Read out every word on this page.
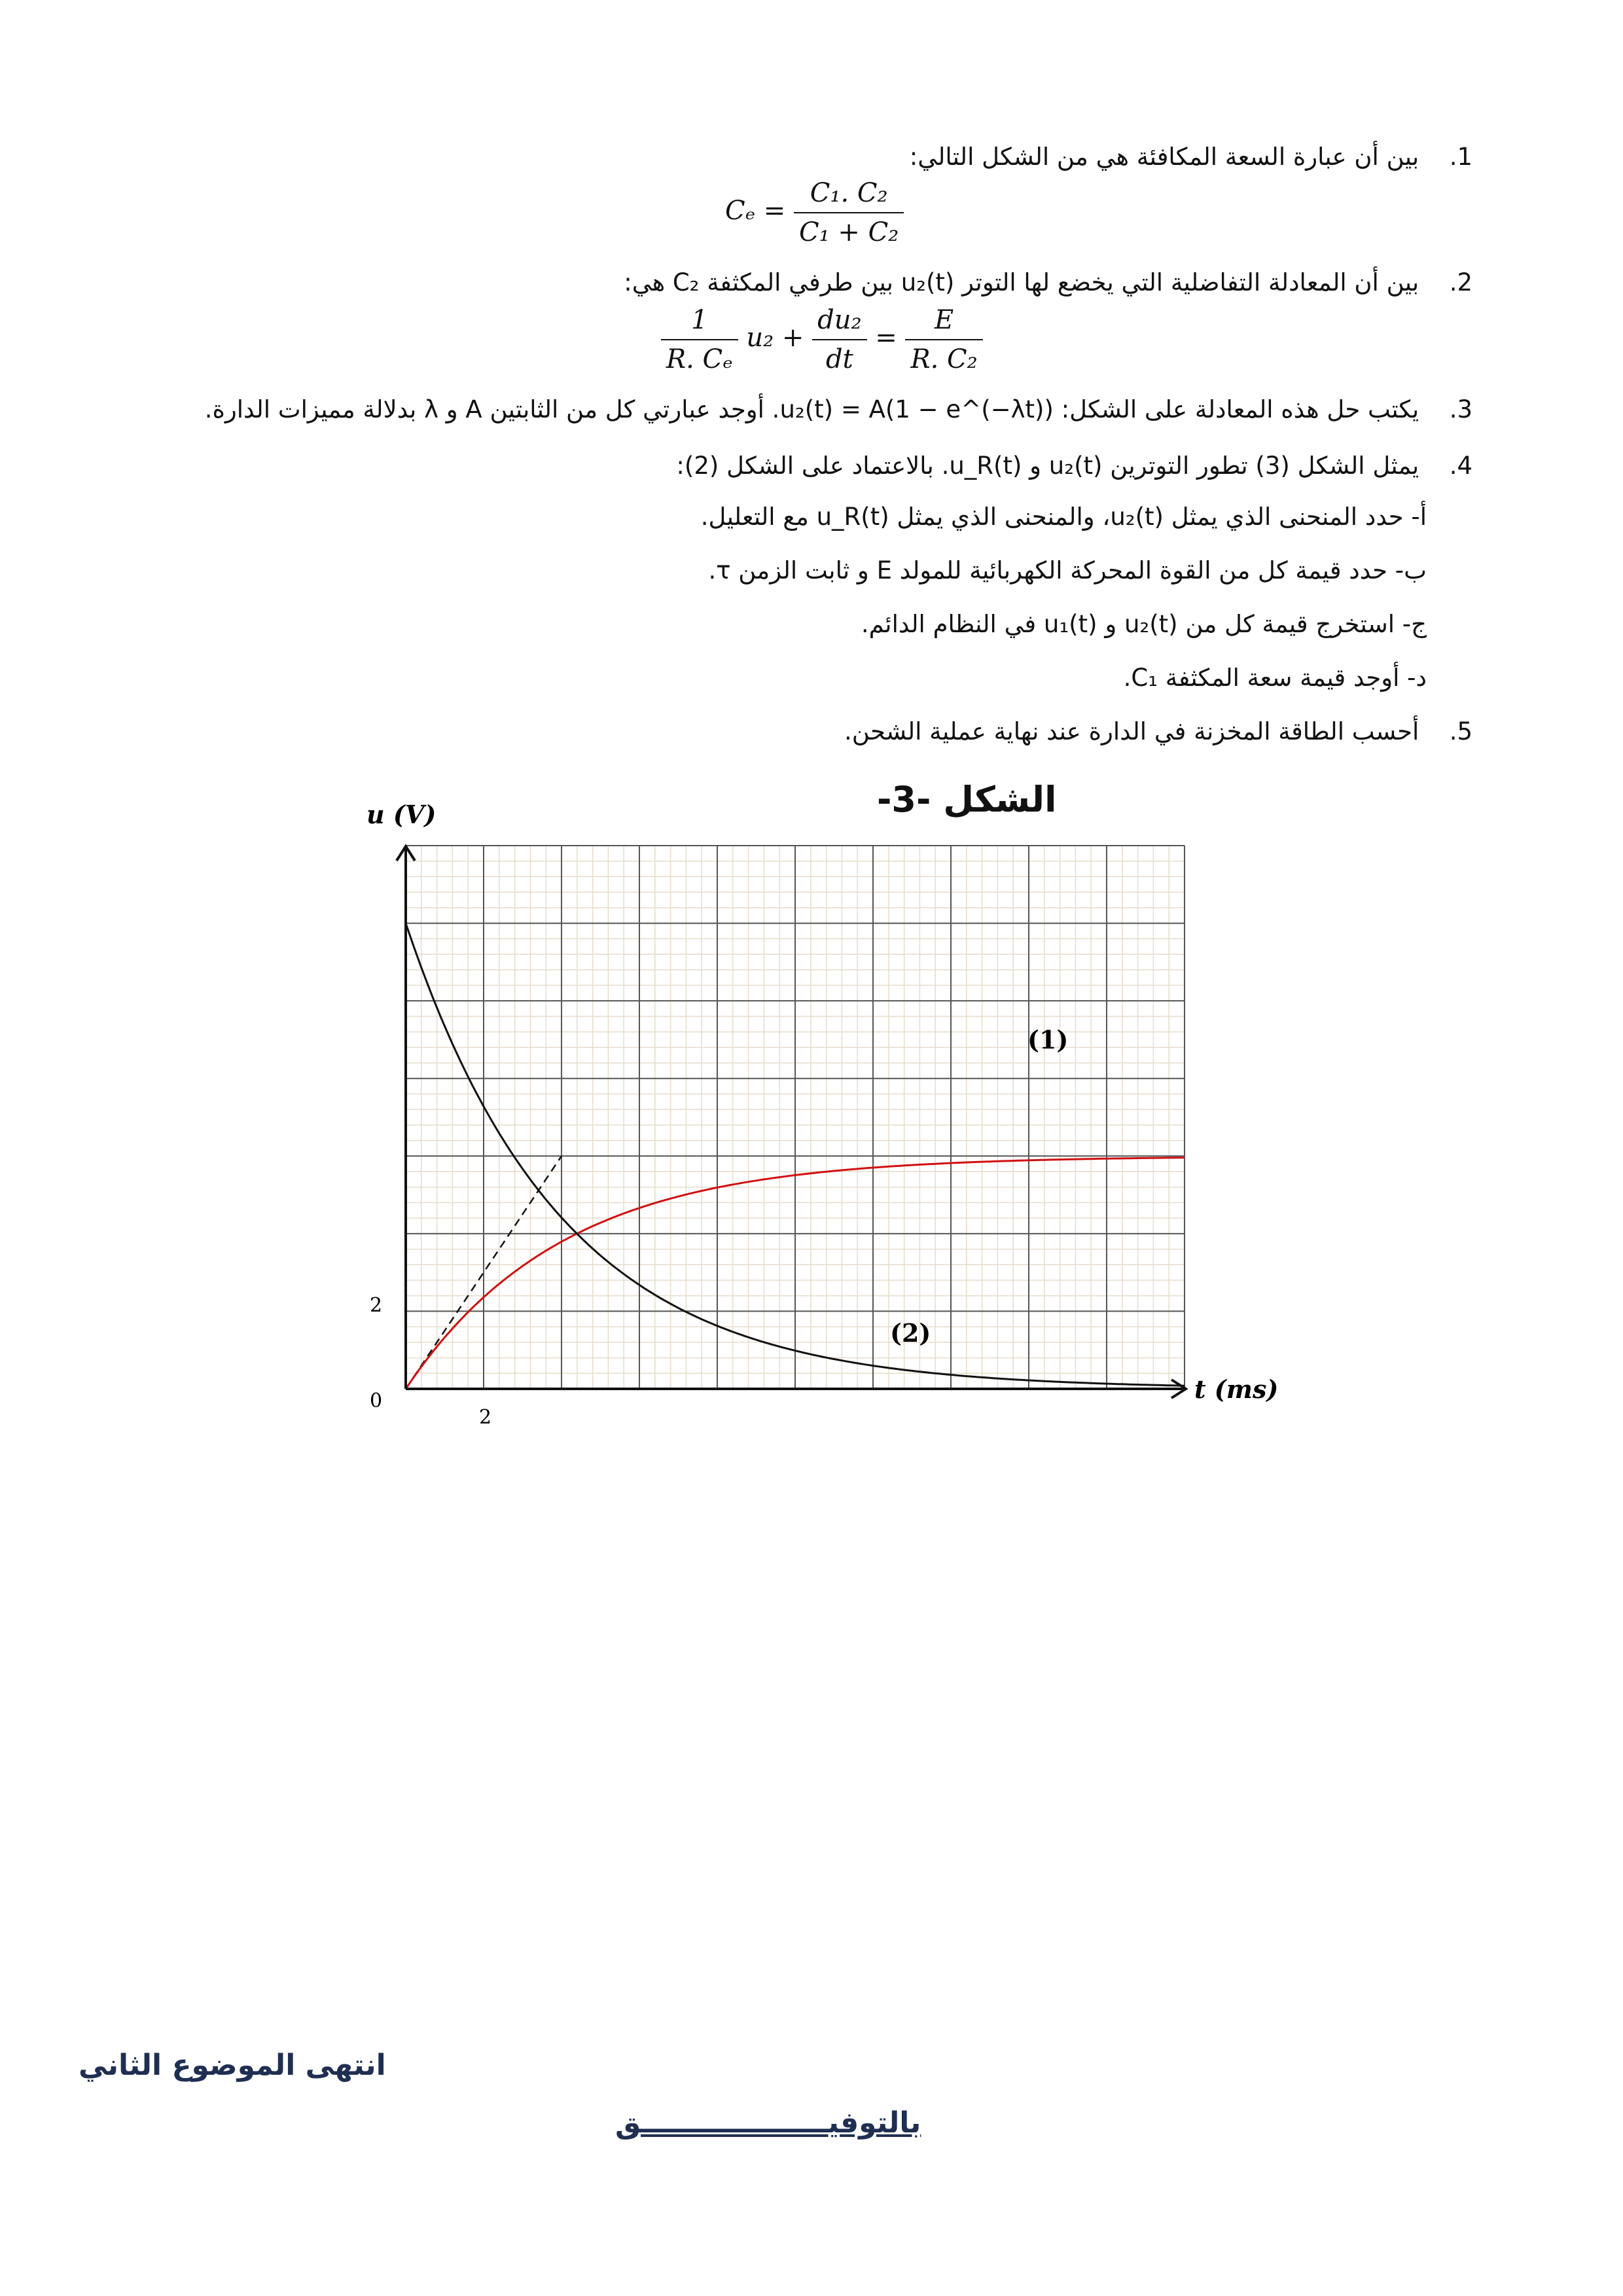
1. بين أن عبارة السعة المكافئة هي من الشكل التالي:
$C_e = \frac{\text{C₁. C₂}}{\text{C₁ + C₂}}$
2. بين أن المعادلة التفاضلية التي يخضع لها التوتر u₂(t) بين طرفي المكثفة C₂ هي:
$\frac{1}{\text{R. Cₑ}} u_2 + \frac{\text{du₂}}{dt} = \frac{E}{\text{R. C₂}}$
3. يكتب حل هذه المعادلة على الشكل: u₂(t) = A(1 − e^(−λt)). أوجد عبارتي كل من الثابتين A و λ بدلالة مميزات الدارة.
4. يمثل الشكل (3) تطور التوترين u₂(t) و u_R(t). بالاعتماد على الشكل (2):
أ- حدد المنحنى الذي يمثل u₂(t)، والمنحنى الذي يمثل u_R(t) مع التعليل.
ب- حدد قيمة كل من القوة المحركة الكهربائية للمولد E و ثابت الزمن τ.
ج- استخرج قيمة كل من u₂(t) و u₁(t) في النظام الدائم.
د- أوجد قيمة سعة المكثفة C₁.
5. أحسب الطاقة المخزنة في الدارة عند نهاية عملية الشحن.
الشكل -3-
u (V)
t (ms)
0
2
2
(1)
(2)
انتهى الموضوع الثاني
بالتوفيـــــــــــــــــــق
